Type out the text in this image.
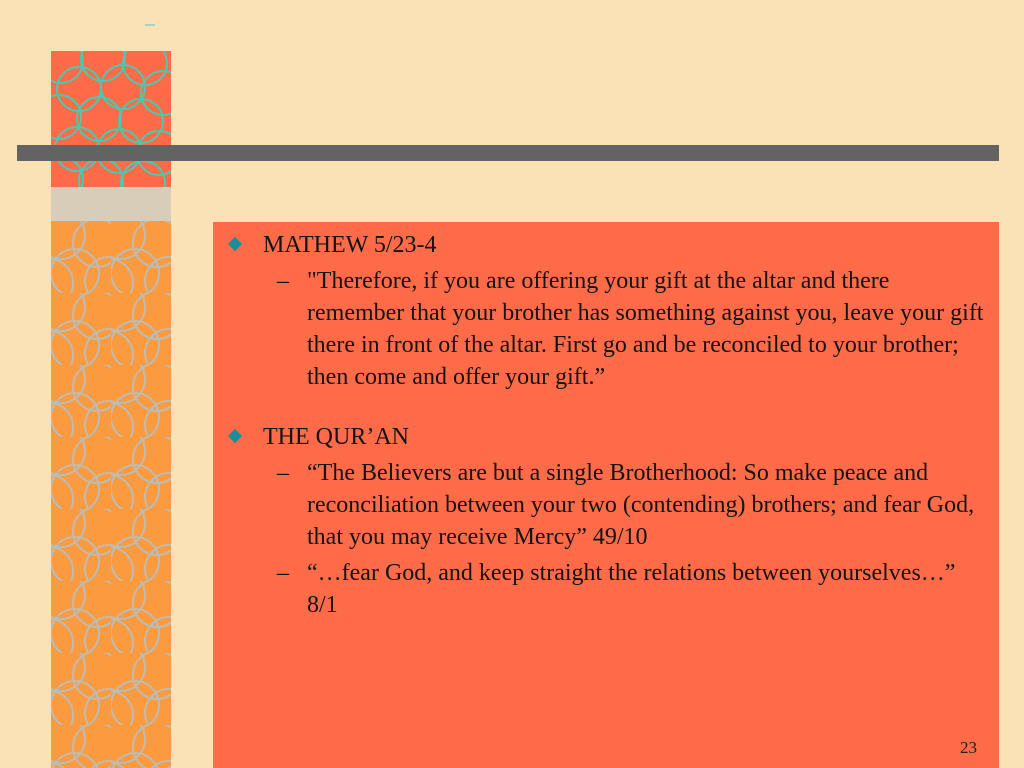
MATHEW 5/23-4
– "Therefore, if you are offering your gift at the altar and there remember that your brother has something against you, leave your gift there in front of the altar. First go and be reconciled to your brother; then come and offer your gift.”
THE QUR’AN
– “The Believers are but a single Brotherhood: So make peace and reconciliation between your two (contending) brothers; and fear God, that you may receive Mercy” 49/10
– “…fear God, and keep straight the relations between yourselves…” 8/1
23
